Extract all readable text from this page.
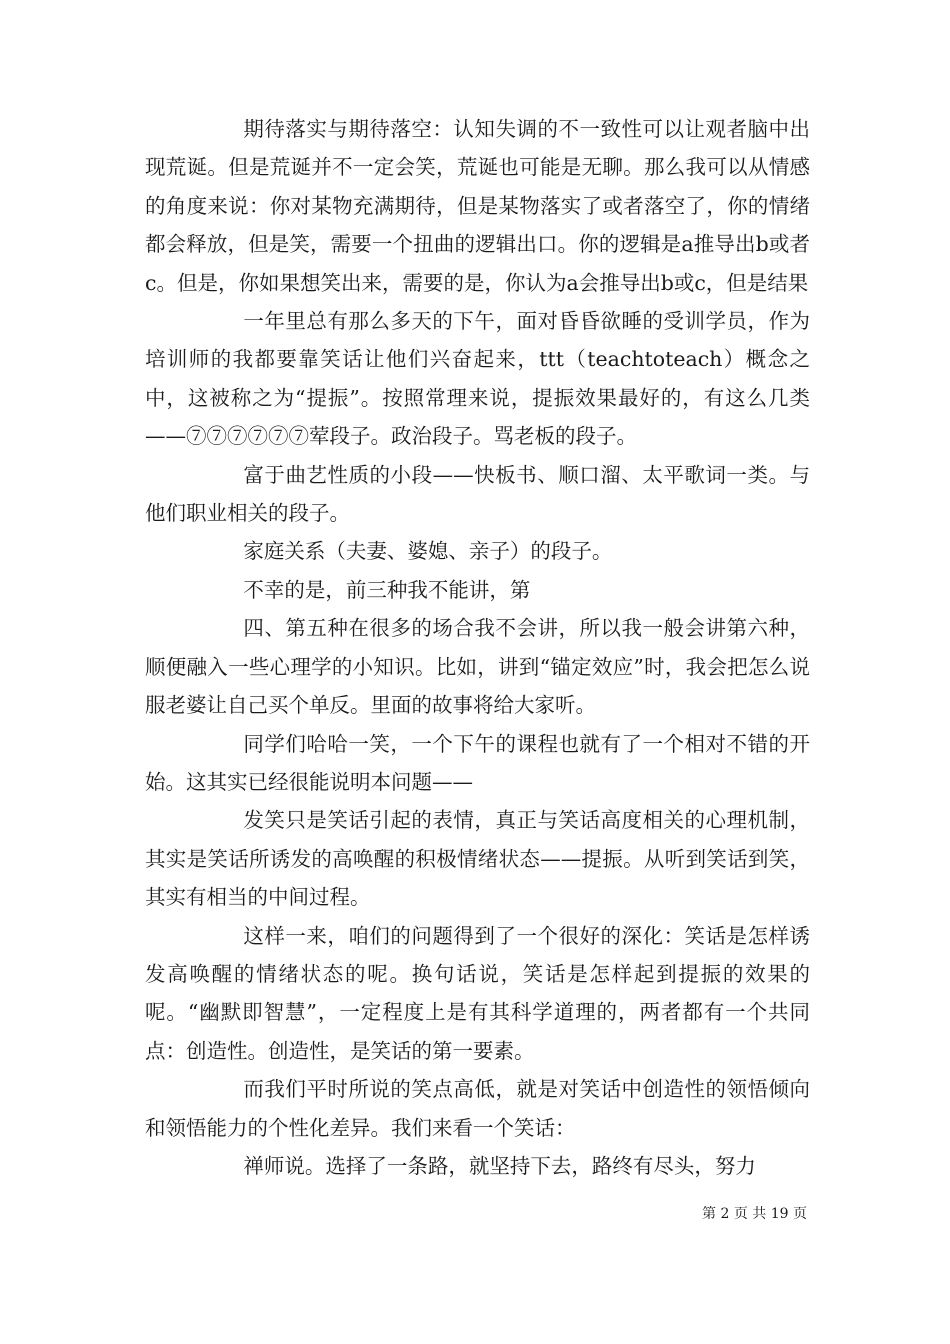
期待落实与期待落空：认知失调的不一致性可以让观者脑中出现荒诞。但是荒诞并不一定会笑，荒诞也可能是无聊。那么我可以从情感的角度来说：你对某物充满期待，但是某物落实了或者落空了，你的情绪都会释放，但是笑，需要一个扭曲的逻辑出口。你的逻辑是a推导出b或者c。但是，你如果想笑出来，需要的是，你认为a会推导出b或c，但是结果

一年里总有那么多天的下午，面对昏昏欲睡的受训学员，作为培训师的我都要靠笑话让他们兴奋起来，ttt（teachtoteach）概念之中，这被称之为“提振”。按照常理来说，提振效果最好的，有这么几类——⑦⑦⑦⑦⑦⑦荤段子。政治段子。骂老板的段子。

富于曲艺性质的小段——快板书、顺口溜、太平歌词一类。与他们职业相关的段子。

家庭关系（夫妻、婆媳、亲子）的段子。

不幸的是，前三种我不能讲，第

四、第五种在很多的场合我不会讲，所以我一般会讲第六种，顺便融入一些心理学的小知识。比如，讲到“锚定效应”时，我会把怎么说服老婆让自己买个单反。里面的故事将给大家听。

同学们哈哈一笑，一个下午的课程也就有了一个相对不错的开始。这其实已经很能说明本问题——

发笑只是笑话引起的表情，真正与笑话高度相关的心理机制，其实是笑话所诱发的高唤醒的积极情绪状态——提振。从听到笑话到笑，其实有相当的中间过程。

这样一来，咱们的问题得到了一个很好的深化：笑话是怎样诱发高唤醒的情绪状态的呢。换句话说，笑话是怎样起到提振的效果的呢。“幽默即智慧”，一定程度上是有其科学道理的，两者都有一个共同点：创造性。创造性，是笑话的第一要素。

而我们平时所说的笑点高低，就是对笑话中创造性的领悟倾向和领悟能力的个性化差异。我们来看一个笑话：

禅师说。选择了一条路，就坚持下去，路终有尽头，努力

第 2 页 共 19 页
